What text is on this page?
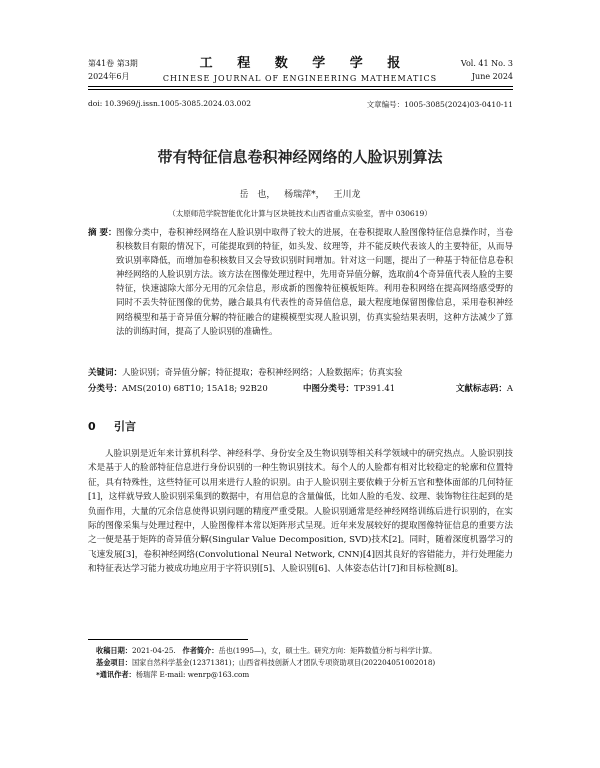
第41卷 第3期
2024年6月
工 程 数 学 学 报
CHINESE JOURNAL OF ENGINEERING MATHEMATICS
Vol. 41 No. 3
June 2024
doi: 10.3969/j.issn.1005-3085.2024.03.002	文章编号：1005-3085(2024)03-0410-11
带有特征信息卷积神经网络的人脸识别算法
岳 也， 杨瑞萍*， 王川龙
（太原师范学院智能优化计算与区块链技术山西省重点实验室，晋中 030619）
摘 要： 图像分类中，卷积神经网络在人脸识别中取得了较大的进展，在卷积提取人脸图像特征信息操作时，当卷积核数目有限的情况下，可能提取到的特征，如头发、纹理等，并不能反映代表该人的主要特征，从而导致识别率降低，而增加卷积核数目又会导致识别时间增加。针对这一问题，提出了一种基于特征信息卷积神经网络的人脸识别方法。该方法在图像处理过程中，先用奇异值分解，选取前4个奇异值代表人脸的主要特征，快速滤除大部分无用的冗余信息，形成新的图像特征模板矩阵。利用卷积网络在提高网络感受野的同时不丢失特征图像的优势，融合最具有代表性的奇异值信息，最大程度地保留图像信息，采用卷积神经网络模型和基于奇异值分解的特征融合的建模模型实现人脸识别，仿真实验结果表明，这种方法减少了算法的训练时间，提高了人脸识别的准确性。
关键词：人脸识别；奇异值分解；特征提取；卷积神经网络；人脸数据库；仿真实验
分类号：AMS(2010) 68T10; 15A18; 92B20	中图分类号：TP391.41	文献标志码：A
0 引言
人脸识别是近年来计算机科学、神经科学、身份安全及生物识别等相关科学领域中的研究热点。人脸识别技术是基于人的脸部特征信息进行身份识别的一种生物识别技术。每个人的人脸都有相对比较稳定的轮廓和位置特征，具有特殊性，这些特征可以用来进行人脸的识别。由于人脸识别主要依赖于分析五官和整体面部的几何特征[1]，这样就导致人脸识别采集到的数据中，有用信息的含量偏低，比如人脸的毛发、纹理、装饰物往往起到的是负面作用，大量的冗余信息使得识别问题的精度严重受限。人脸识别通常是经神经网络训练后进行识别的，在实际的图像采集与处理过程中，人脸图像样本常以矩阵形式呈现。近年来发展较好的提取图像特征信息的重要方法之一便是基于矩阵的奇异值分解(Singular Value Decomposition, SVD)技术[2]。同时，随着深度机器学习的飞速发展[3]，卷积神经网络(Convolutional Neural Network, CNN)[4]因其良好的容错能力，并行处理能力和特征表达学习能力被成功地应用于字符识别[5]、人脸识别[6]、人体姿态估计[7]和目标检测[8]。
收稿日期：2021-04-25. 作者简介：岳也(1995—)，女，硕士生。研究方向：矩阵数值分析与科学计算。
基金项目：国家自然科学基金(12371381)；山西省科技创新人才团队专项资助项目(202204051002018)
*通讯作者：杨瑞萍 E-mail: wenrp@163.com
